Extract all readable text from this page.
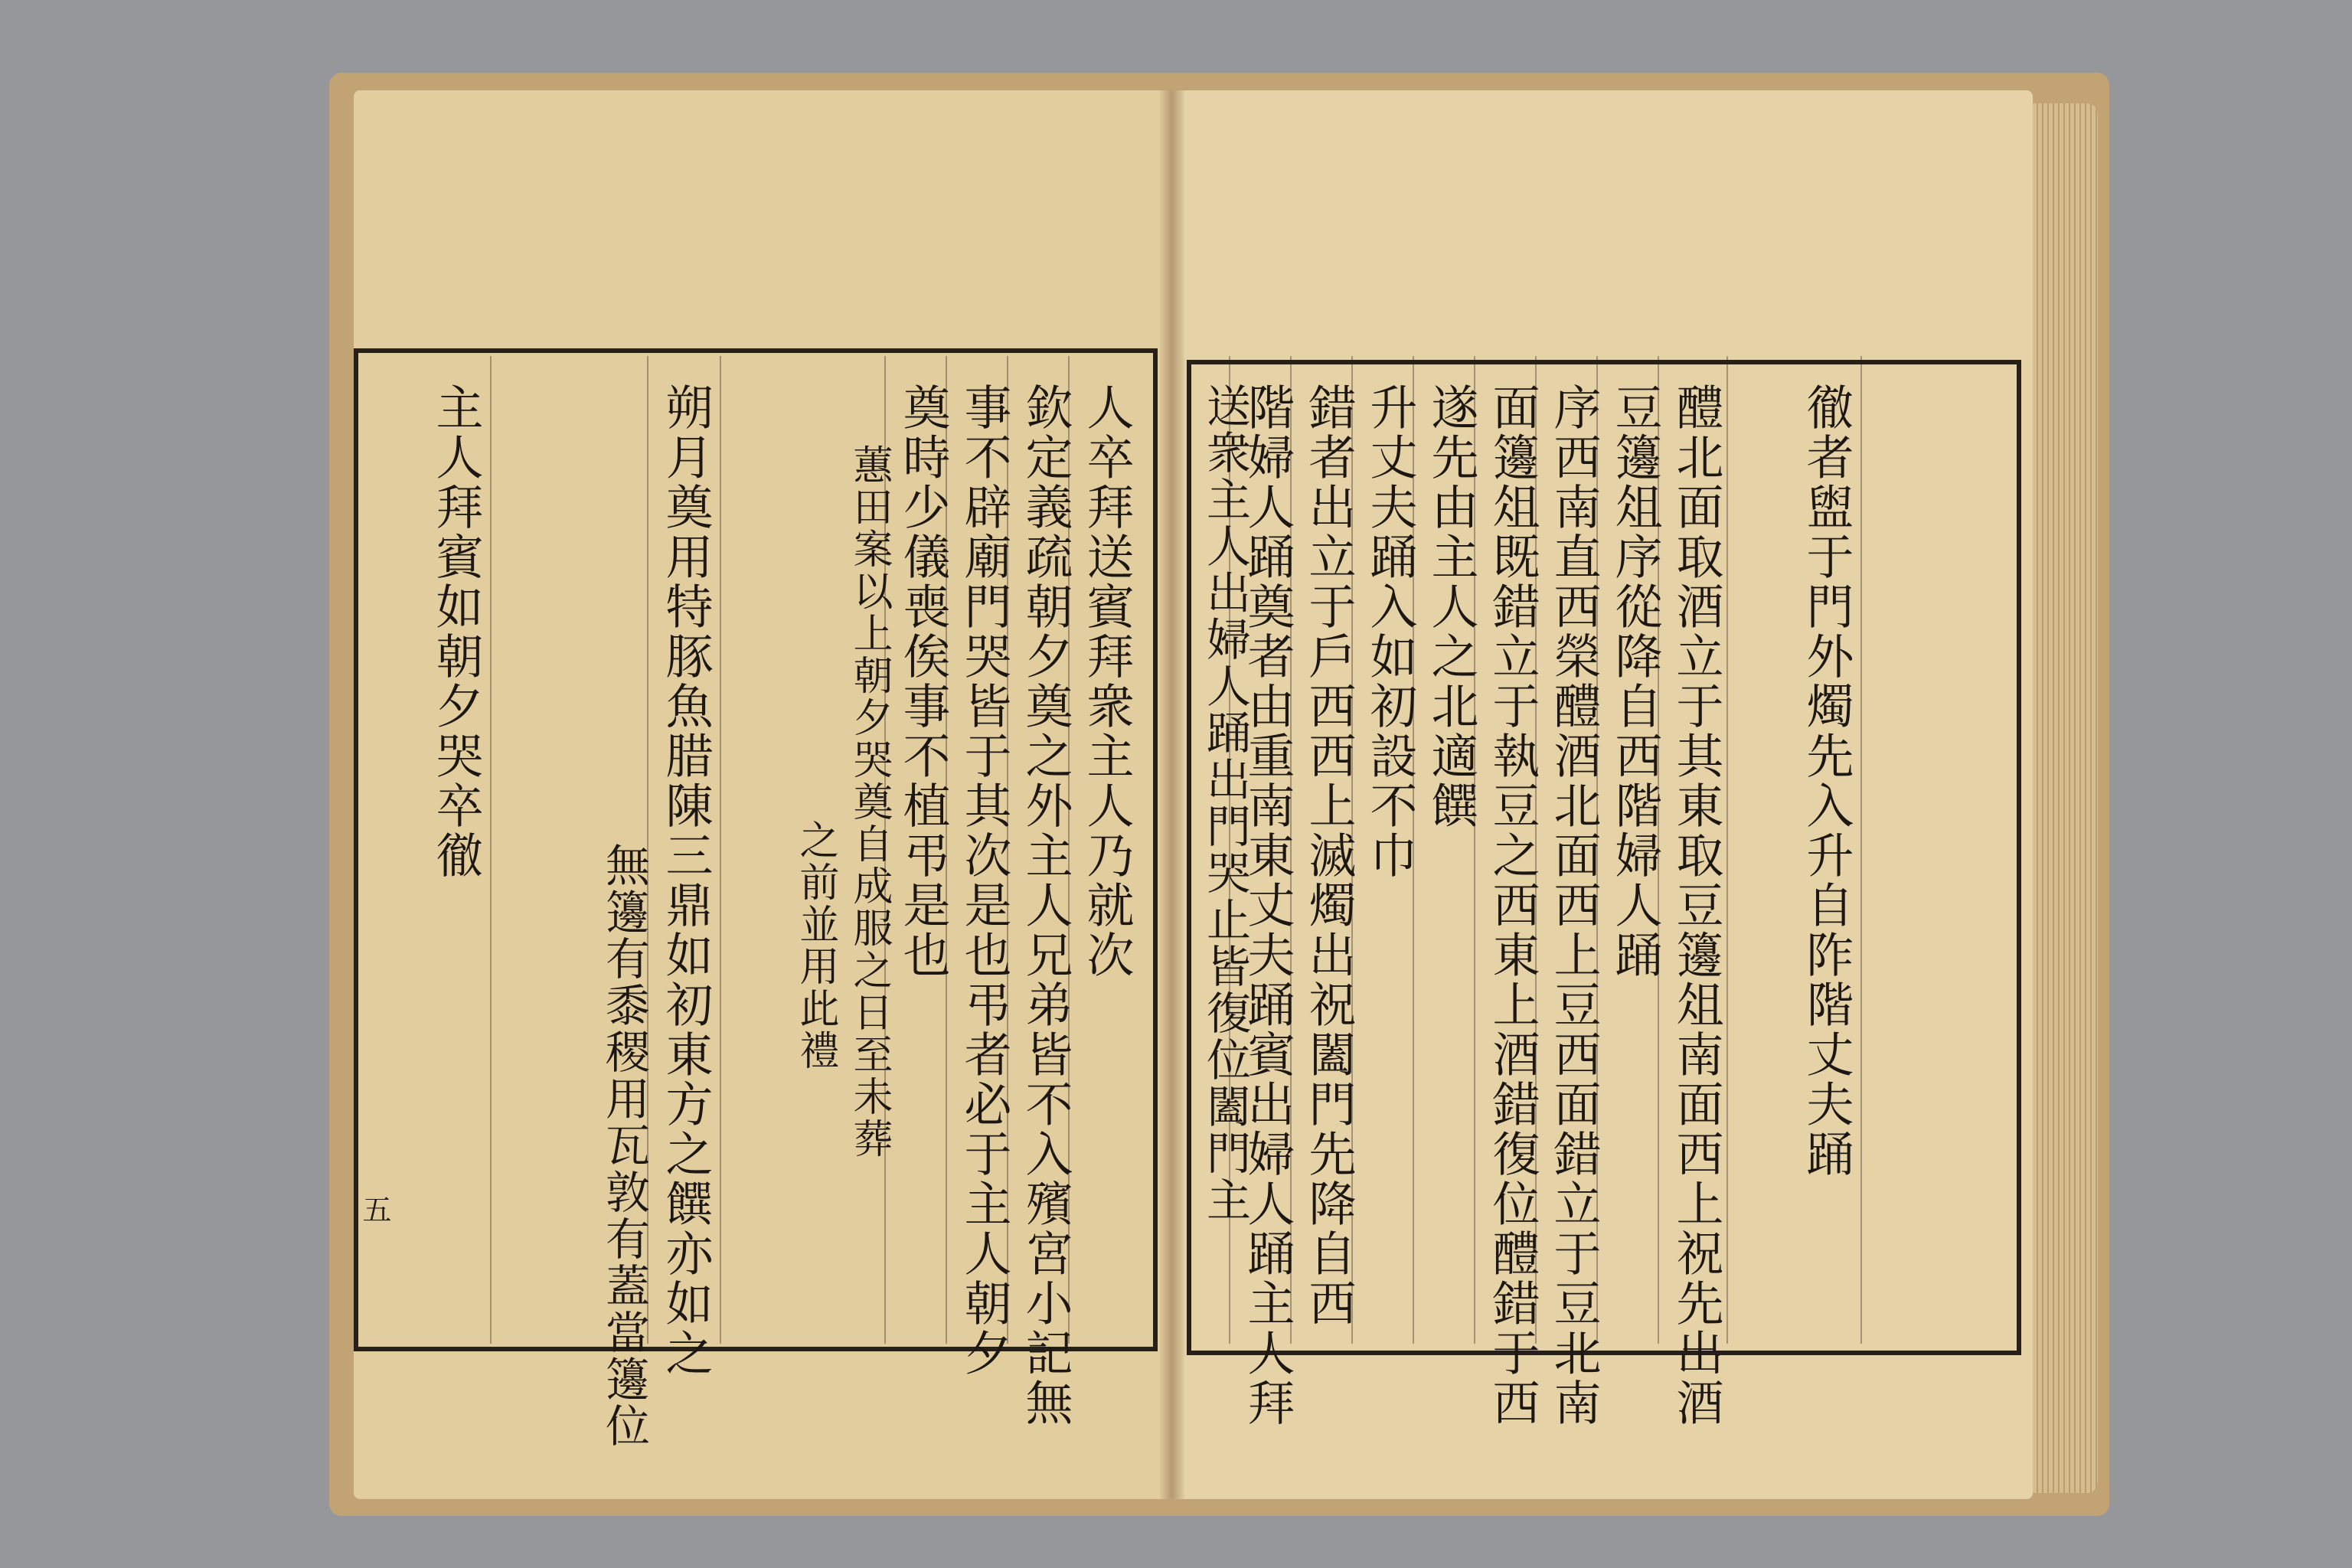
人卒拜送賓拜衆主人乃就次
欽定義疏朝夕奠之外主人兄弟皆不入殯宮小記無
事不辟廟門哭皆于其次是也弔者必于主人朝夕
奠時少儀喪俟事不植弔是也
蕙田案以上朝夕哭奠自成服之日至未葬
之前並用此禮
朔月奠用特豚魚腊陳三鼎如初東方之饌亦如之
無籩有黍稷用瓦敦有蓋當籩位
主人拜賓如朝夕哭卒徹
五
徹者盥于門外燭先入升自阼階丈夫踊
醴北面取酒立于其東取豆籩俎南面西上祝先出酒
豆籩俎序從降自西階婦人踊
序西南直西榮醴酒北面西上豆西面錯立于豆北南
面籩俎既錯立于執豆之西東上酒錯復位醴錯于西
遂先由主人之北適饌
升丈夫踊入如初設不巾
錯者出立于戶西西上滅燭出祝闔門先降自西
階婦人踊奠者由重南東丈夫踊賓出婦人踊主人拜
送衆主人出婦人踊出門哭止皆復位闔門主
